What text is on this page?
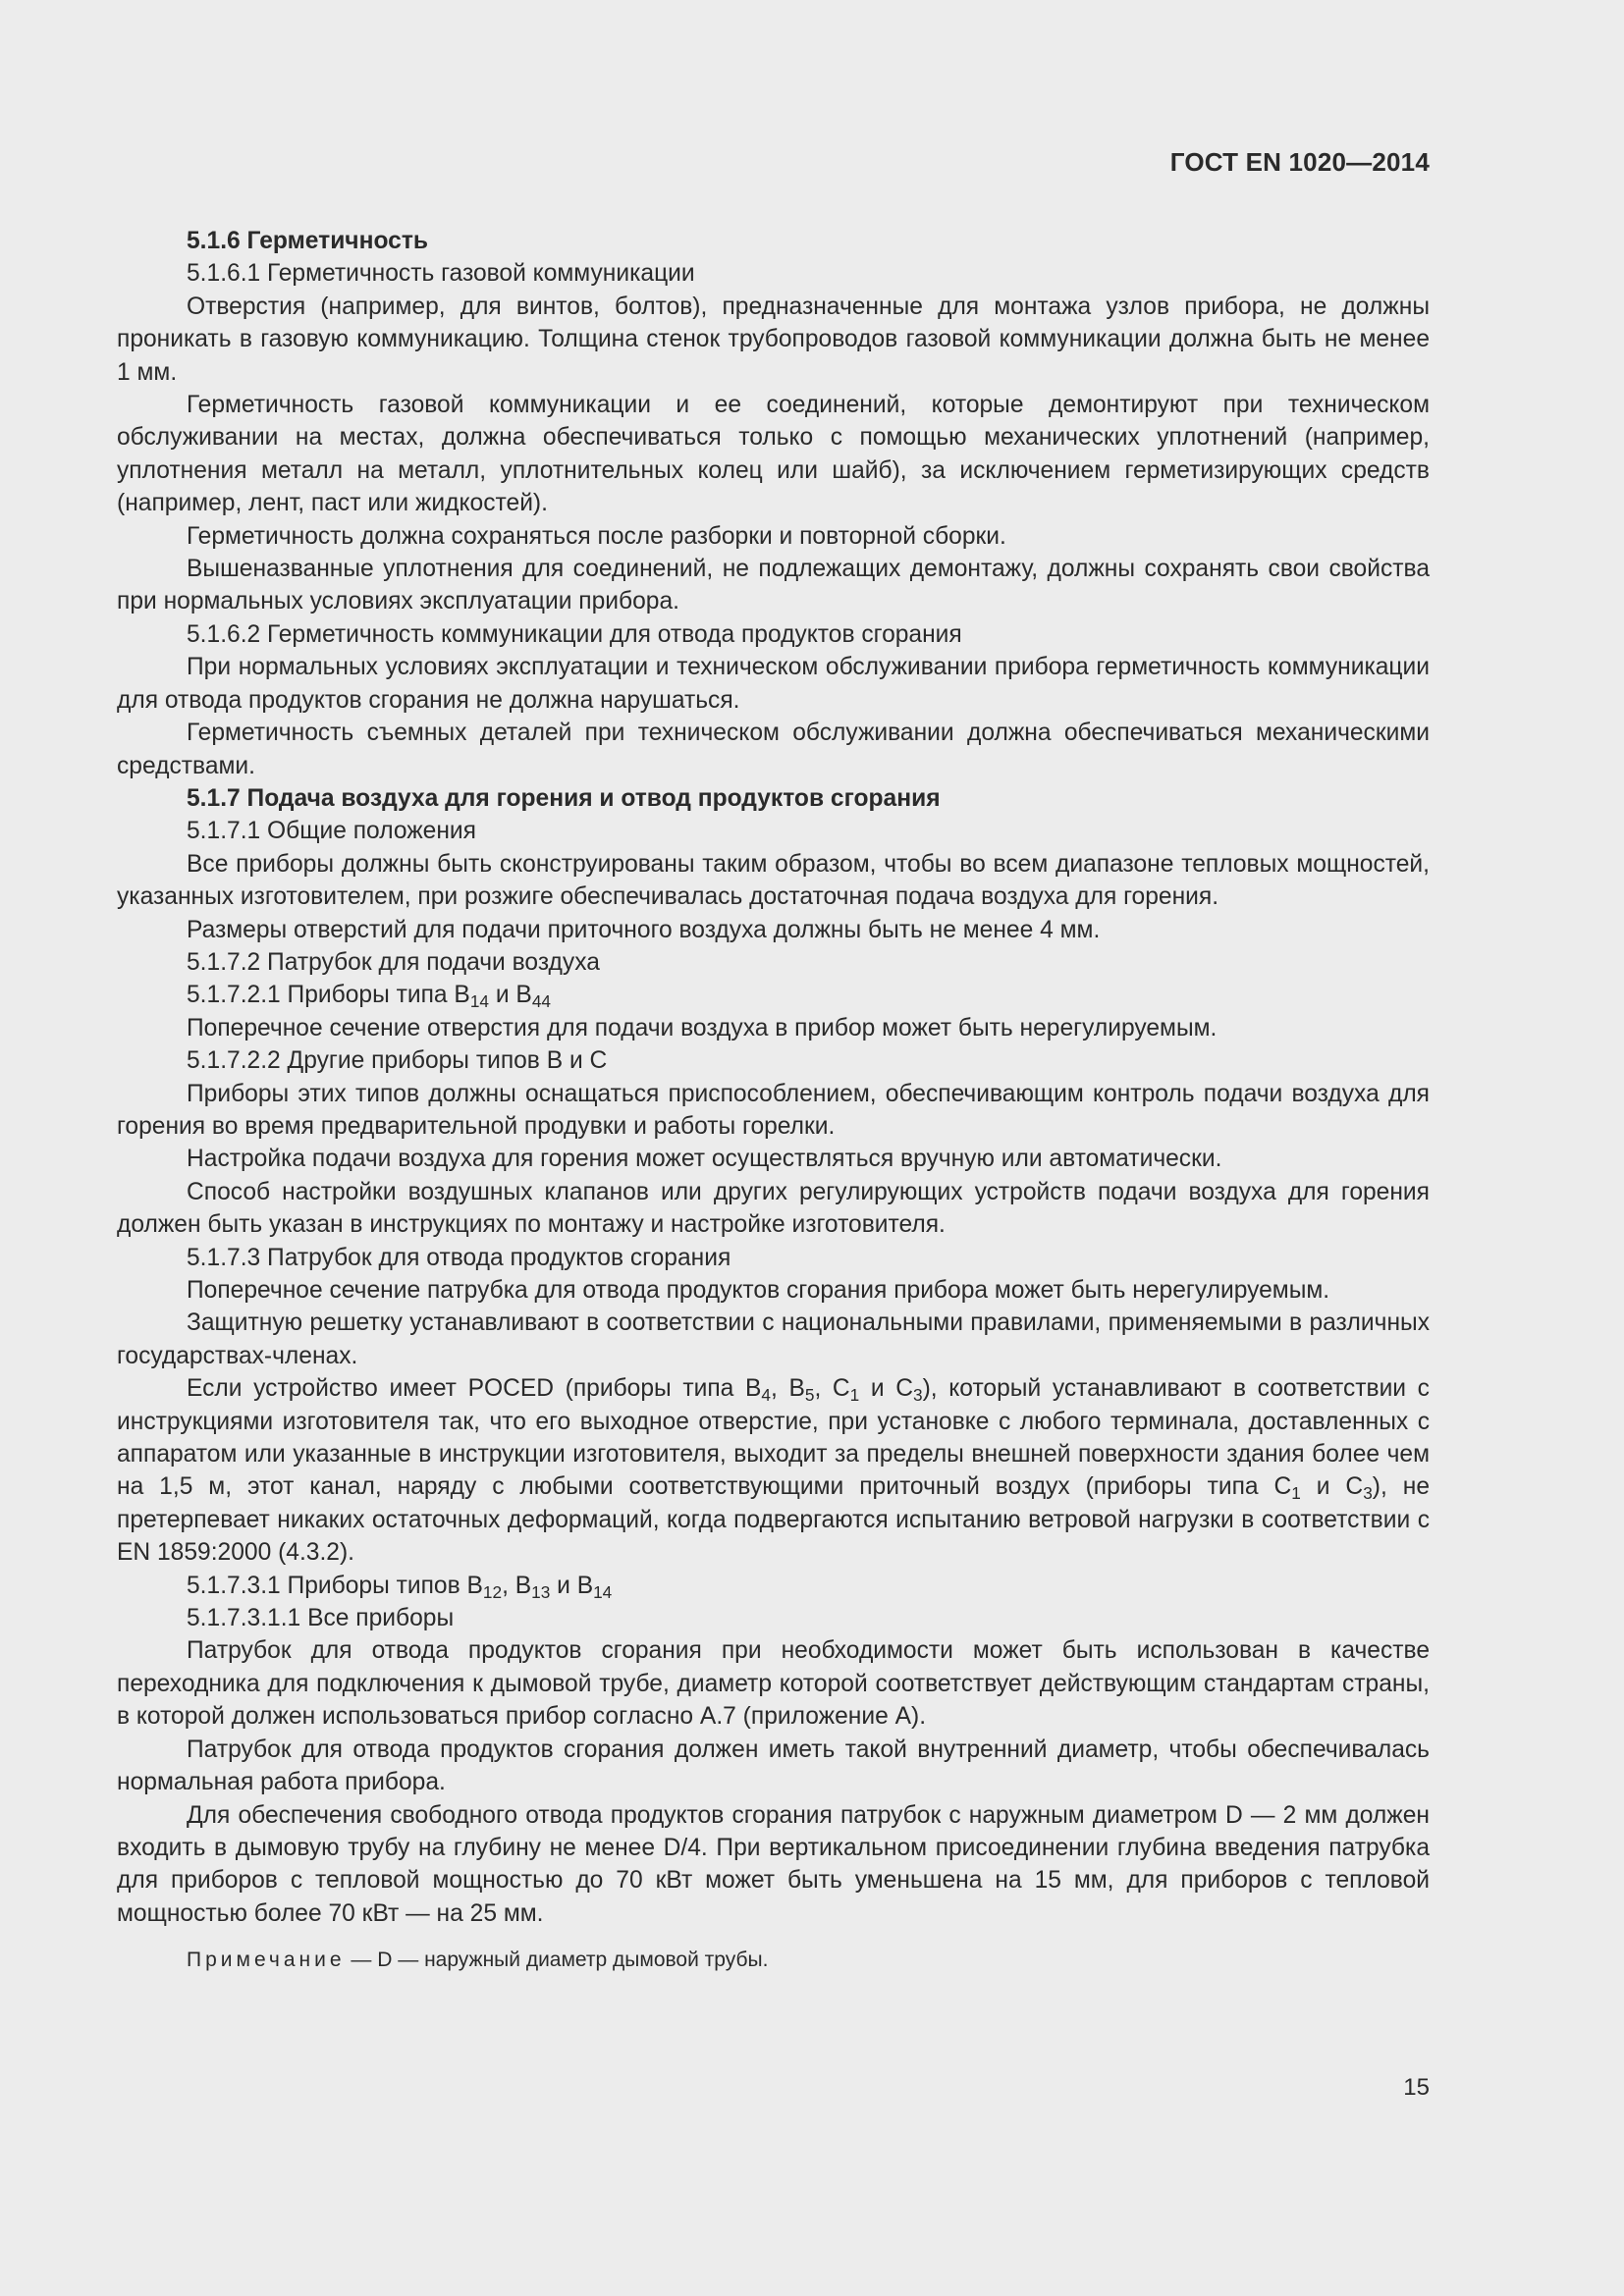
ГОСТ EN 1020—2014

5.1.6 Герметичность

5.1.6.1 Герметичность газовой коммуникации

Отверстия (например, для винтов, болтов), предназначенные для монтажа узлов прибора, не должны проникать в газовую коммуникацию. Толщина стенок трубопроводов газовой коммуникации должна быть не менее 1 мм.

Герметичность газовой коммуникации и ее соединений, которые демонтируют при техническом обслуживании на местах, должна обеспечиваться только с помощью механических уплотнений (например, уплотнения металл на металл, уплотнительных колец или шайб), за исключением герметизирующих средств (например, лент, паст или жидкостей).

Герметичность должна сохраняться после разборки и повторной сборки.

Вышеназванные уплотнения для соединений, не подлежащих демонтажу, должны сохранять свои свойства при нормальных условиях эксплуатации прибора.

5.1.6.2 Герметичность коммуникации для отвода продуктов сгорания

При нормальных условиях эксплуатации и техническом обслуживании прибора герметичность коммуникации для отвода продуктов сгорания не должна нарушаться.

Герметичность съемных деталей при техническом обслуживании должна обеспечиваться механическими средствами.

5.1.7 Подача воздуха для горения и отвод продуктов сгорания

5.1.7.1 Общие положения

Все приборы должны быть сконструированы таким образом, чтобы во всем диапазоне тепловых мощностей, указанных изготовителем, при розжиге обеспечивалась достаточная подача воздуха для горения.

Размеры отверстий для подачи приточного воздуха должны быть не менее 4 мм.

5.1.7.2 Патрубок для подачи воздуха

5.1.7.2.1 Приборы типа $B_{14}$ и $B_{44}$

Поперечное сечение отверстия для подачи воздуха в прибор может быть нерегулируемым.

5.1.7.2.2 Другие приборы типов B и C

Приборы этих типов должны оснащаться приспособлением, обеспечивающим контроль подачи воздуха для горения во время предварительной продувки и работы горелки.

Настройка подачи воздуха для горения может осуществляться вручную или автоматически.

Способ настройки воздушных клапанов или других регулирующих устройств подачи воздуха для горения должен быть указан в инструкциях по монтажу и настройке изготовителя.

5.1.7.3 Патрубок для отвода продуктов сгорания

Поперечное сечение патрубка для отвода продуктов сгорания прибора может быть нерегулируемым.

Защитную решетку устанавливают в соответствии с национальными правилами, применяемыми в различных государствах-членах.

Если устройство имеет POCED (приборы типа $B_4$, $B_5$, $C_1$ и $C_3$), который устанавливают в соответствии с инструкциями изготовителя так, что его выходное отверстие, при установке с любого терминала, доставленных с аппаратом или указанные в инструкции изготовителя, выходит за пределы внешней поверхности здания более чем на 1,5 м, этот канал, наряду с любыми соответствующими приточный воздух (приборы типа $C_1$ и $C_3$), не претерпевает никаких остаточных деформаций, когда подвергаются испытанию ветровой нагрузки в соответствии с EN 1859:2000 (4.3.2).

5.1.7.3.1 Приборы типов $B_{12}$, $B_{13}$ и $B_{14}$

5.1.7.3.1.1 Все приборы

Патрубок для отвода продуктов сгорания при необходимости может быть использован в качестве переходника для подключения к дымовой трубе, диаметр которой соответствует действующим стандартам страны, в которой должен использоваться прибор согласно А.7 (приложение А).

Патрубок для отвода продуктов сгорания должен иметь такой внутренний диаметр, чтобы обеспечивалась нормальная работа прибора.

Для обеспечения свободного отвода продуктов сгорания патрубок с наружным диаметром D — 2 мм должен входить в дымовую трубу на глубину не менее D/4. При вертикальном присоединении глубина введения патрубка для приборов с тепловой мощностью до 70 кВт может быть уменьшена на 15 мм, для приборов с тепловой мощностью более 70 кВт — на 25 мм.

Примечание — D — наружный диаметр дымовой трубы.

15
